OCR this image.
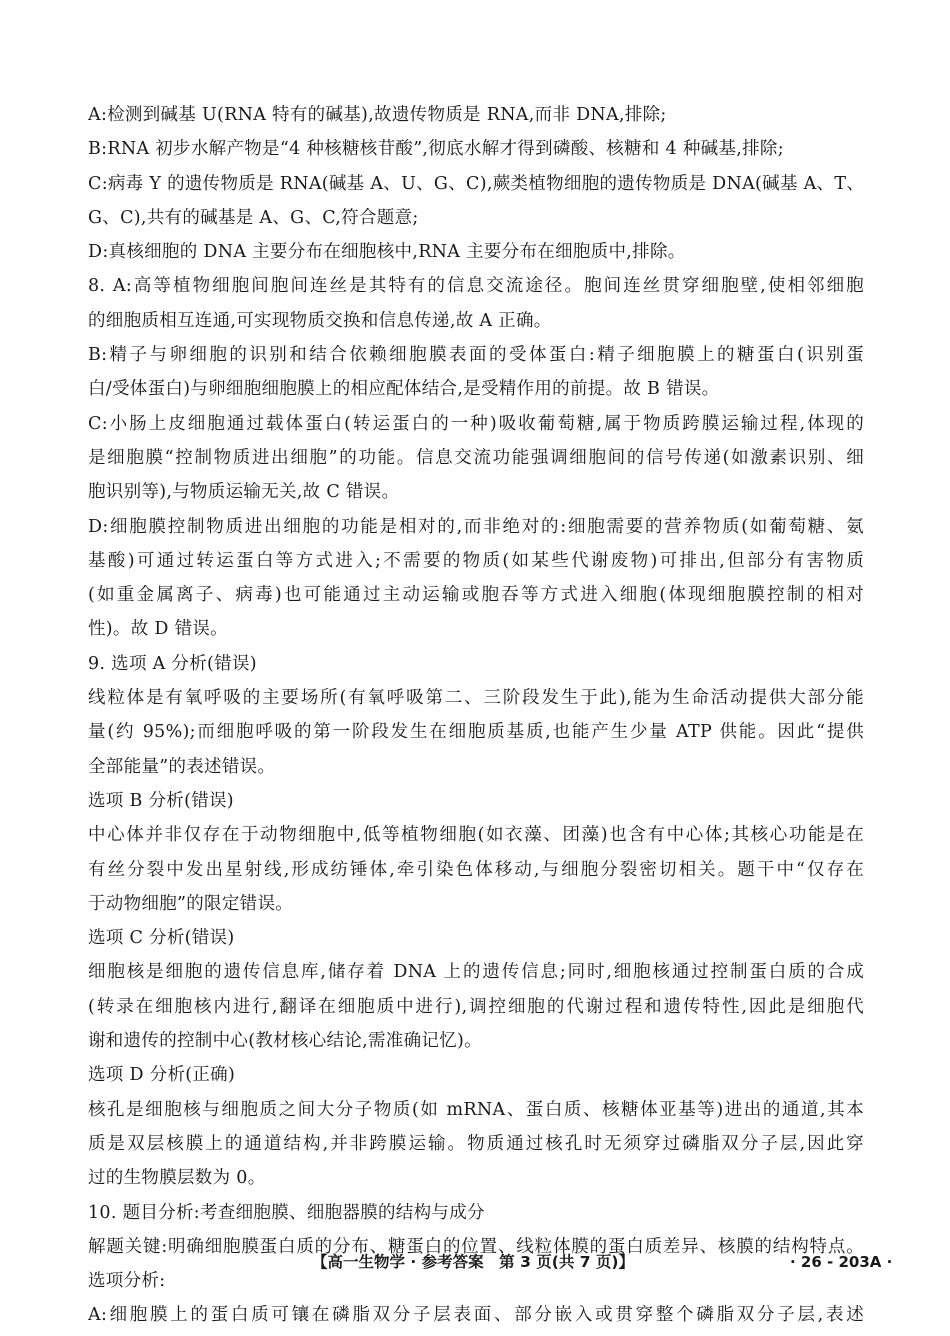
A:检测到碱基 U(RNA 特有的碱基),故遗传物质是 RNA,而非 DNA,排除;
B:RNA 初步水解产物是“4 种核糖核苷酸”,彻底水解才得到磷酸、核糖和 4 种碱基,排除;
C:病毒 Y 的遗传物质是 RNA(碱基 A、U、G、C),蕨类植物细胞的遗传物质是 DNA(碱基 A、T、
G、C),共有的碱基是 A、G、C,符合题意;
D:真核细胞的 DNA 主要分布在细胞核中,RNA 主要分布在细胞质中,排除。
8. A:高等植物细胞间胞间连丝是其特有的信息交流途径。胞间连丝贯穿细胞壁,使相邻细胞
的细胞质相互连通,可实现物质交换和信息传递,故 A 正确。
B:精子与卵细胞的识别和结合依赖细胞膜表面的受体蛋白:精子细胞膜上的糖蛋白(识别蛋
白/受体蛋白)与卵细胞细胞膜上的相应配体结合,是受精作用的前提。故 B 错误。
C:小肠上皮细胞通过载体蛋白(转运蛋白的一种)吸收葡萄糖,属于物质跨膜运输过程,体现的
是细胞膜“控制物质进出细胞”的功能。信息交流功能强调细胞间的信号传递(如激素识别、细
胞识别等),与物质运输无关,故 C 错误。
D:细胞膜控制物质进出细胞的功能是相对的,而非绝对的:细胞需要的营养物质(如葡萄糖、氨
基酸)可通过转运蛋白等方式进入;不需要的物质(如某些代谢废物)可排出,但部分有害物质
(如重金属离子、病毒)也可能通过主动运输或胞吞等方式进入细胞(体现细胞膜控制的相对
性)。故 D 错误。
9. 选项 A 分析(错误)
线粒体是有氧呼吸的主要场所(有氧呼吸第二、三阶段发生于此),能为生命活动提供大部分能
量(约 95%);而细胞呼吸的第一阶段发生在细胞质基质,也能产生少量 ATP 供能。因此“提供
全部能量”的表述错误。
选项 B 分析(错误)
中心体并非仅存在于动物细胞中,低等植物细胞(如衣藻、团藻)也含有中心体;其核心功能是在
有丝分裂中发出星射线,形成纺锤体,牵引染色体移动,与细胞分裂密切相关。题干中“仅存在
于动物细胞”的限定错误。
选项 C 分析(错误)
细胞核是细胞的遗传信息库,储存着 DNA 上的遗传信息;同时,细胞核通过控制蛋白质的合成
(转录在细胞核内进行,翻译在细胞质中进行),调控细胞的代谢过程和遗传特性,因此是细胞代
谢和遗传的控制中心(教材核心结论,需准确记忆)。
选项 D 分析(正确)
核孔是细胞核与细胞质之间大分子物质(如 mRNA、蛋白质、核糖体亚基等)进出的通道,其本
质是双层核膜上的通道结构,并非跨膜运输。物质通过核孔时无须穿过磷脂双分子层,因此穿
过的生物膜层数为 0。
10. 题目分析:考查细胞膜、细胞器膜的结构与成分
解题关键:明确细胞膜蛋白质的分布、糖蛋白的位置、线粒体膜的蛋白质差异、核膜的结构特点。
选项分析:
A:细胞膜上的蛋白质可镶在磷脂双分子层表面、部分嵌入或贯穿整个磷脂双分子层,表述
【高一生物学 · 参考答案　第 3 页(共 7 页)】	· 26 - 203A ·
